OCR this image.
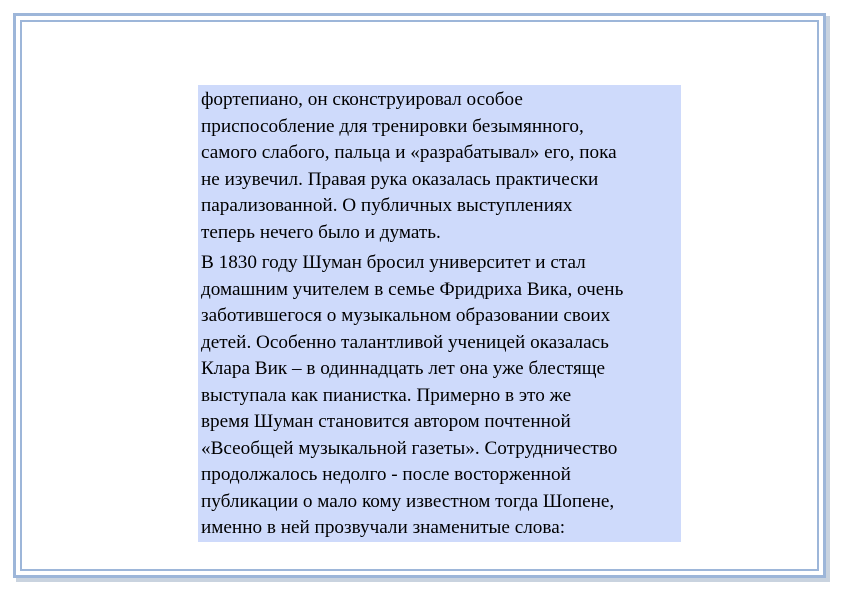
фортепиано, он сконструировал особое
приспособление для тренировки безымянного,
самого слабого, пальца и «разрабатывал» его, пока
не изувечил. Правая рука оказалась практически
парализованной. О публичных выступлениях
теперь нечего было и думать.

В 1830 году Шуман бросил университет и стал
домашним учителем в семье Фридриха Вика, очень
заботившегося о музыкальном образовании своих
детей. Особенно талантливой ученицей оказалась
Клара Вик – в одиннадцать лет она уже блестяще
выступала как пианистка. Примерно в это же
время Шуман становится автором почтенной
«Всеобщей музыкальной газеты». Сотрудничество
продолжалось недолго - после восторженной
публикации о мало кому известном тогда Шопене,
именно в ней прозвучали знаменитые слова:
